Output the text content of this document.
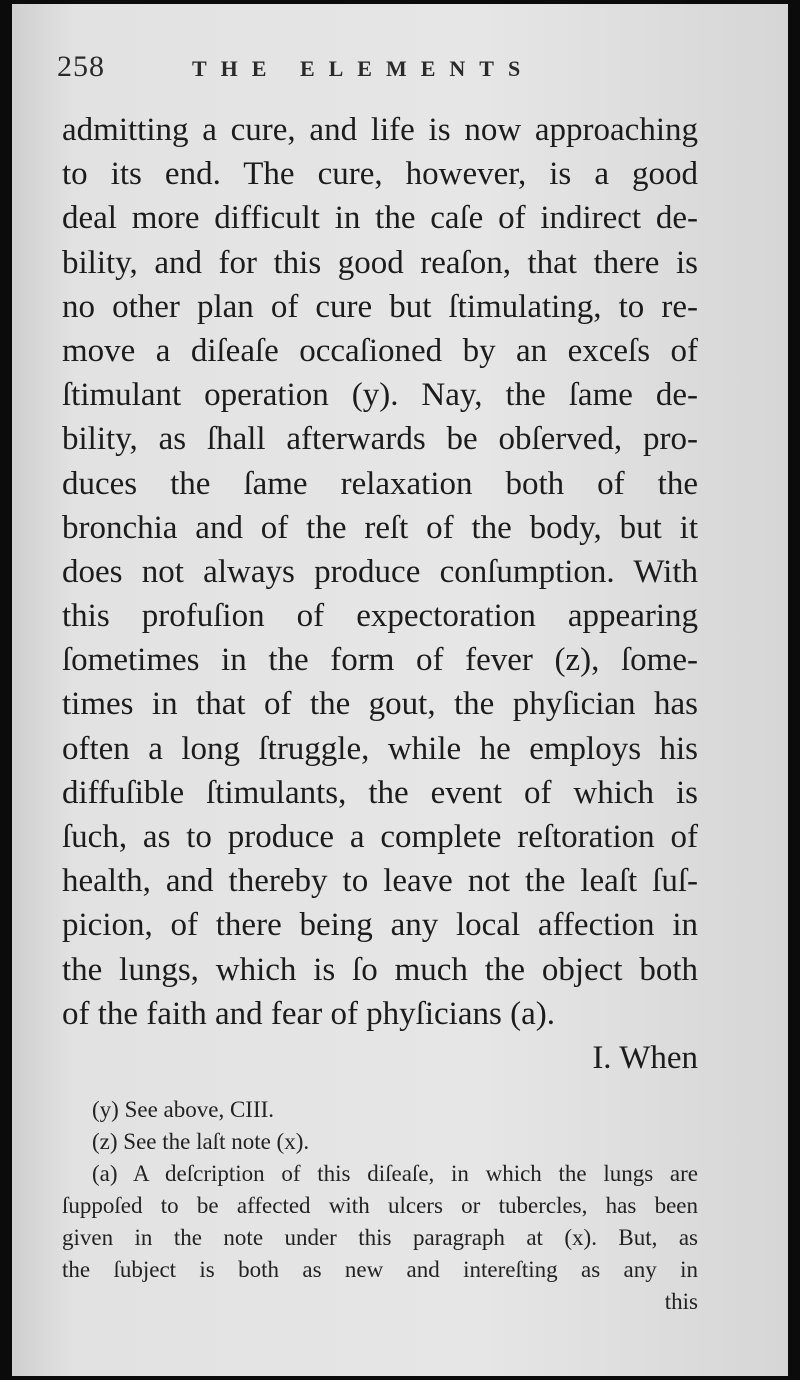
258	THE ELEMENTS
admitting a cure, and life is now approaching
to its end. The cure, however, is a good
deal more difficult in the caſe of indirect de-
bility, and for this good reaſon, that there is
no other plan of cure but ſtimulating, to re-
move a diſeaſe occaſioned by an exceſs of
ſtimulant operation (y). Nay, the ſame de-
bility, as ſhall afterwards be obſerved, pro-
duces the ſame relaxation both of the
bronchia and of the reſt of the body, but it
does not always produce conſumption. With
this profuſion of expectoration appearing
ſometimes in the form of fever (z), ſome-
times in that of the gout, the phyſician has
often a long ſtruggle, while he employs his
diffuſible ſtimulants, the event of which is
ſuch, as to produce a complete reſtoration of
health, and thereby to leave not the leaſt ſuſ-
picion, of there being any local affection in
the lungs, which is ſo much the object both
of the faith and fear of phyſicians (a).
I. When
(y) See above, CIII.
(z) See the laſt note (x).
(a) A deſcription of this diſeaſe, in which the lungs are
ſuppoſed to be affected with ulcers or tubercles, has been
given in the note under this paragraph at (x). But, as
the ſubject is both as new and intereſting as any in
this
